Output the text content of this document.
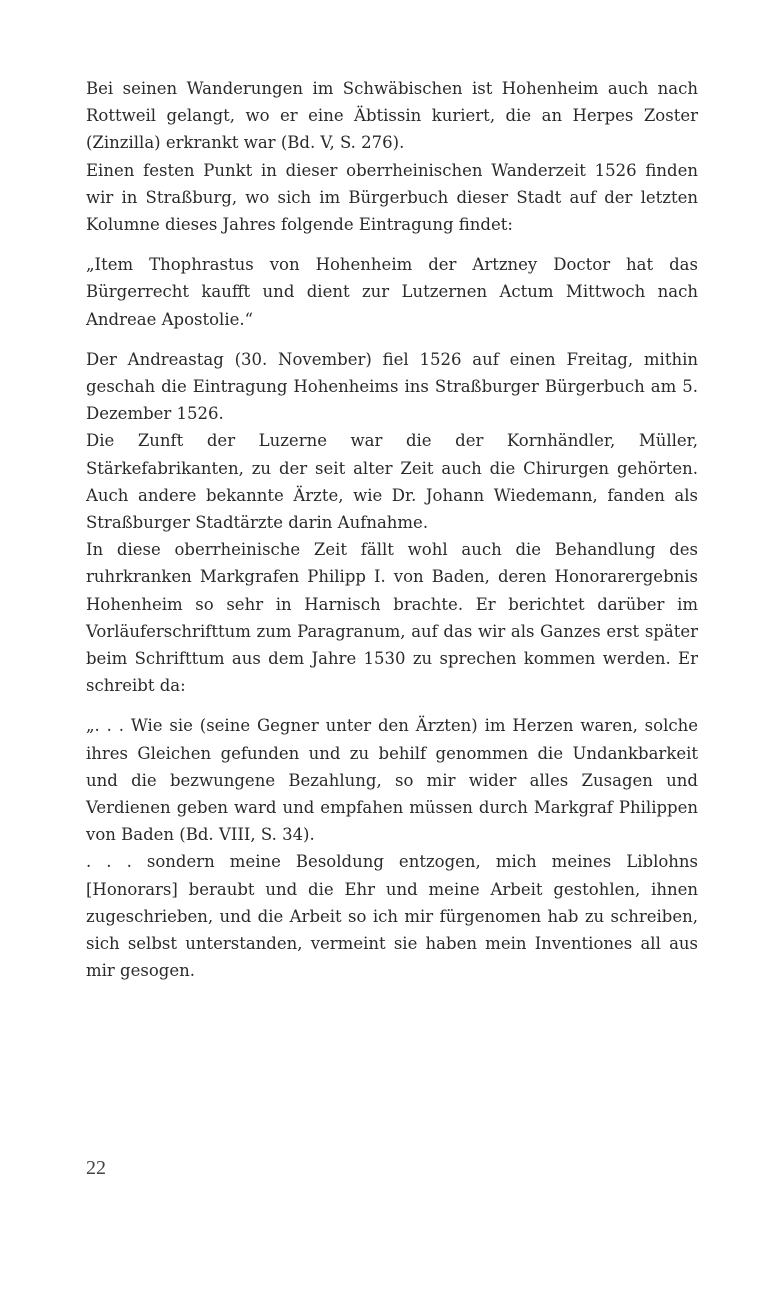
Bei seinen Wanderungen im Schwäbischen ist Hohenheim auch nach Rottweil gelangt, wo er eine Äbtissin kuriert, die an Herpes Zoster (Zinzilla) erkrankt war (Bd. V, S. 276).

Einen festen Punkt in dieser oberrheinischen Wanderzeit 1526 finden wir in Straßburg, wo sich im Bürgerbuch dieser Stadt auf der letzten Kolumne dieses Jahres folgende Eintragung findet:

„Item Thophrastus von Hohenheim der Artzney Doctor hat das Bürgerrecht kaufft und dient zur Lutzernen Actum Mittwoch nach Andreae Apostolie.“

Der Andreastag (30. November) fiel 1526 auf einen Freitag, mithin geschah die Eintragung Hohenheims ins Straßburger Bürgerbuch am 5. Dezember 1526.

Die Zunft der Luzerne war die der Kornhändler, Müller, Stärkefabrikanten, zu der seit alter Zeit auch die Chirurgen gehörten. Auch andere bekannte Ärzte, wie Dr. Johann Wiedemann, fanden als Straßburger Stadtärzte darin Aufnahme.

In diese oberrheinische Zeit fällt wohl auch die Behandlung des ruhrkranken Markgrafen Philipp I. von Baden, deren Honorarergebnis Hohenheim so sehr in Harnisch brachte. Er berichtet darüber im Vorläuferschrifttum zum Paragranum, auf das wir als Ganzes erst später beim Schrifttum aus dem Jahre 1530 zu sprechen kommen werden. Er schreibt da:

„. . . Wie sie (seine Gegner unter den Ärzten) im Herzen waren, solche ihres Gleichen gefunden und zu behilf genommen die Undankbarkeit und die bezwungene Bezahlung, so mir wider alles Zusagen und Verdienen geben ward und empfahen müssen durch Markgraf Philippen von Baden (Bd. VIII, S. 34).

. . . sondern meine Besoldung entzogen, mich meines Liblohns [Honorars] beraubt und die Ehr und meine Arbeit gestohlen, ihnen zugeschrieben, und die Arbeit so ich mir fürgenomen hab zu schreiben, sich selbst unterstanden, vermeint sie haben mein Inventiones all aus mir gesogen.

22
